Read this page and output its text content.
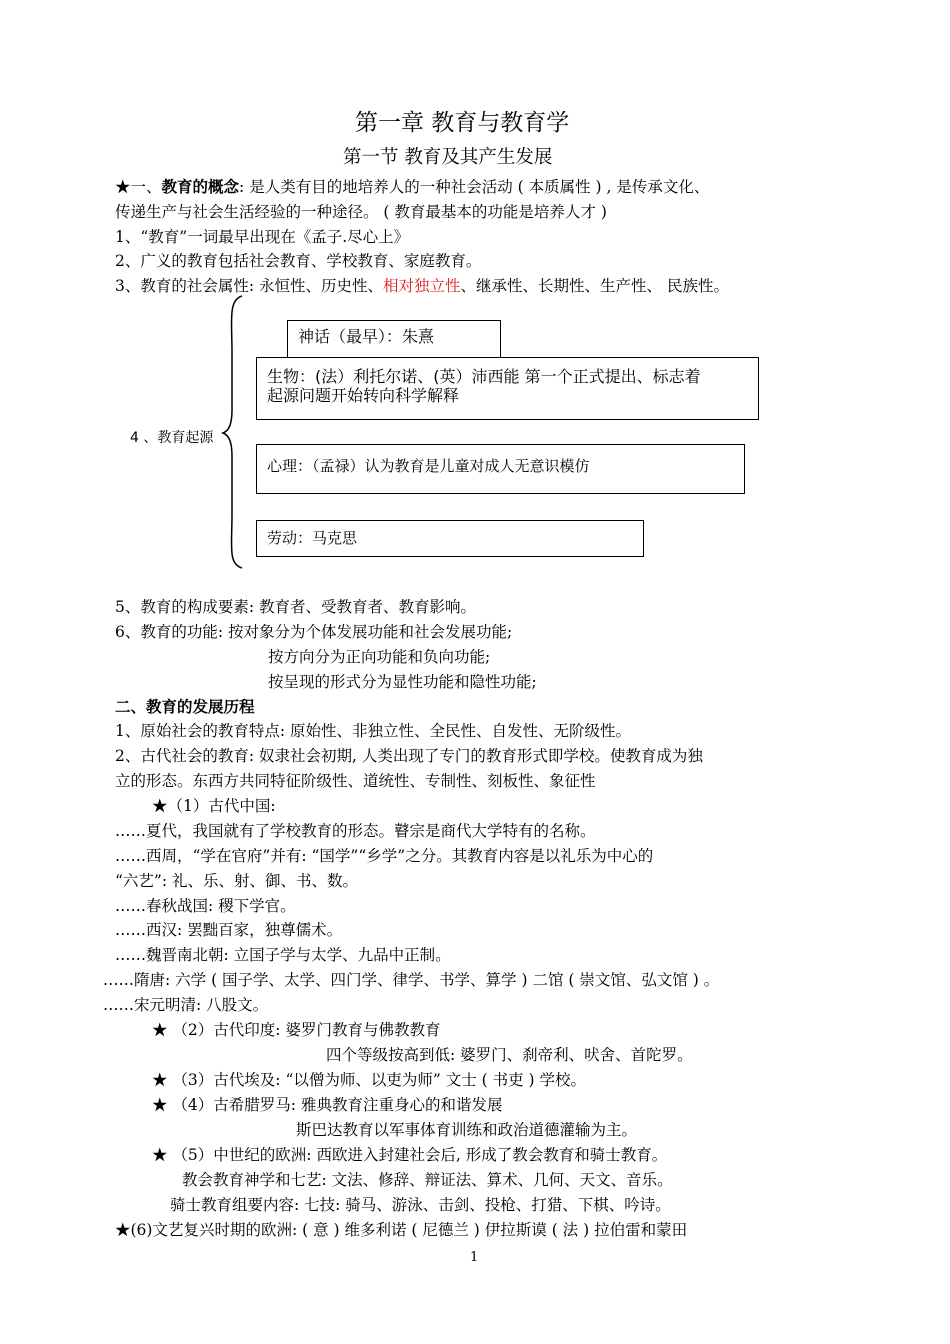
第一章 教育与教育学
第一节 教育及其产生发展
★一、教育的概念: 是人类有目的地培养人的一种社会活动 ( 本质属性 ) , 是传承文化、
传递生产与社会生活经验的一种途径。 ( 教育最基本的功能是培养人才 )
1、“教育”一词最早出现在《孟子.尽心上》
2、广义的教育包括社会教育、学校教育、家庭教育。
3、教育的社会属性: 永恒性、历史性、相对独立性、继承性、长期性、生产性、 民族性。
4 、教育起源
神话（最早）：朱熹
生物：(法）利托尔诺、(英）沛西能 第一个正式提出、标志着
起源问题开始转向科学解释
心理：（孟禄）认为教育是儿童对成人无意识模仿
劳动：马克思
5、教育的构成要素: 教育者、受教育者、教育影响。
6、教育的功能: 按对象分为个体发展功能和社会发展功能;
按方向分为正向功能和负向功能;
按呈现的形式分为显性功能和隐性功能;
二、教育的发展历程
1、原始社会的教育特点: 原始性、非独立性、全民性、自发性、无阶级性。
2、古代社会的教育: 奴隶社会初期, 人类出现了专门的教育形式即学校。使教育成为独
立的形态。东西方共同特征阶级性、道统性、专制性、刻板性、象征性
★（1）古代中国:
……夏代，我国就有了学校教育的形态。瞽宗是商代大学特有的名称。
……西周，“学在官府”并有: “国学”“乡学”之分。其教育内容是以礼乐为中心的
“六艺”: 礼、乐、射、御、书、数。
……春秋战国: 稷下学官。
……西汉: 罢黜百家，独尊儒术。
……魏晋南北朝: 立国子学与太学、九品中正制。
……隋唐: 六学 ( 国子学、太学、四门学、律学、书学、算学 ) 二馆 ( 崇文馆、弘文馆 ) 。
……宋元明清: 八股文。
★ （2）古代印度: 婆罗门教育与佛教教育
四个等级按高到低: 婆罗门、刹帝利、吠舍、首陀罗。
★ （3）古代埃及: “以僧为师、以吏为师” 文士 ( 书吏 ) 学校。
★ （4）古希腊罗马: 雅典教育注重身心的和谐发展
斯巴达教育以军事体育训练和政治道德灌输为主。
★ （5）中世纪的欧洲: 西欧进入封建社会后, 形成了教会教育和骑士教育。
教会教育神学和七艺: 文法、修辞、辩证法、算术、几何、天文、音乐。
骑士教育组要内容: 七技: 骑马、游泳、击剑、投枪、打猎、下棋、吟诗。
★(6)文艺复兴时期的欧洲: ( 意 ) 维多利诺 ( 尼德兰 ) 伊拉斯谟 ( 法 ) 拉伯雷和蒙田
1
